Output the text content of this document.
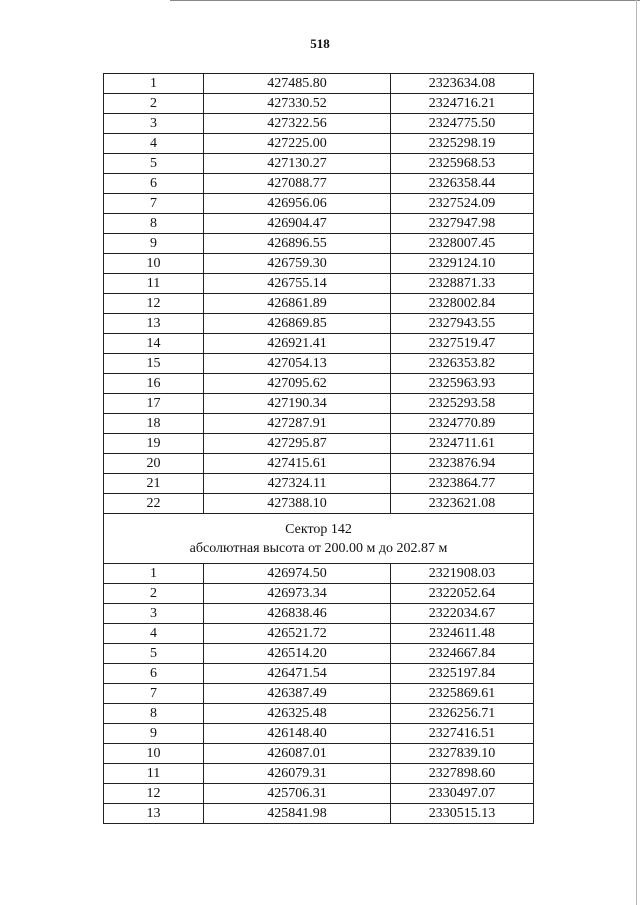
518
1	427485.80	2323634.08
2	427330.52	2324716.21
3	427322.56	2324775.50
4	427225.00	2325298.19
5	427130.27	2325968.53
6	427088.77	2326358.44
7	426956.06	2327524.09
8	426904.47	2327947.98
9	426896.55	2328007.45
10	426759.30	2329124.10
11	426755.14	2328871.33
12	426861.89	2328002.84
13	426869.85	2327943.55
14	426921.41	2327519.47
15	427054.13	2326353.82
16	427095.62	2325963.93
17	427190.34	2325293.58
18	427287.91	2324770.89
19	427295.87	2324711.61
20	427415.61	2323876.94
21	427324.11	2323864.77
22	427388.10	2323621.08

Сектор 142
абсолютная высота от 200.00 м до 202.87 м		

1	426974.50	2321908.03
2	426973.34	2322052.64
3	426838.46	2322034.67
4	426521.72	2324611.48
5	426514.20	2324667.84
6	426471.54	2325197.84
7	426387.49	2325869.61
8	426325.48	2326256.71
9	426148.40	2327416.51
10	426087.01	2327839.10
11	426079.31	2327898.60
12	425706.31	2330497.07
13	425841.98	2330515.13
